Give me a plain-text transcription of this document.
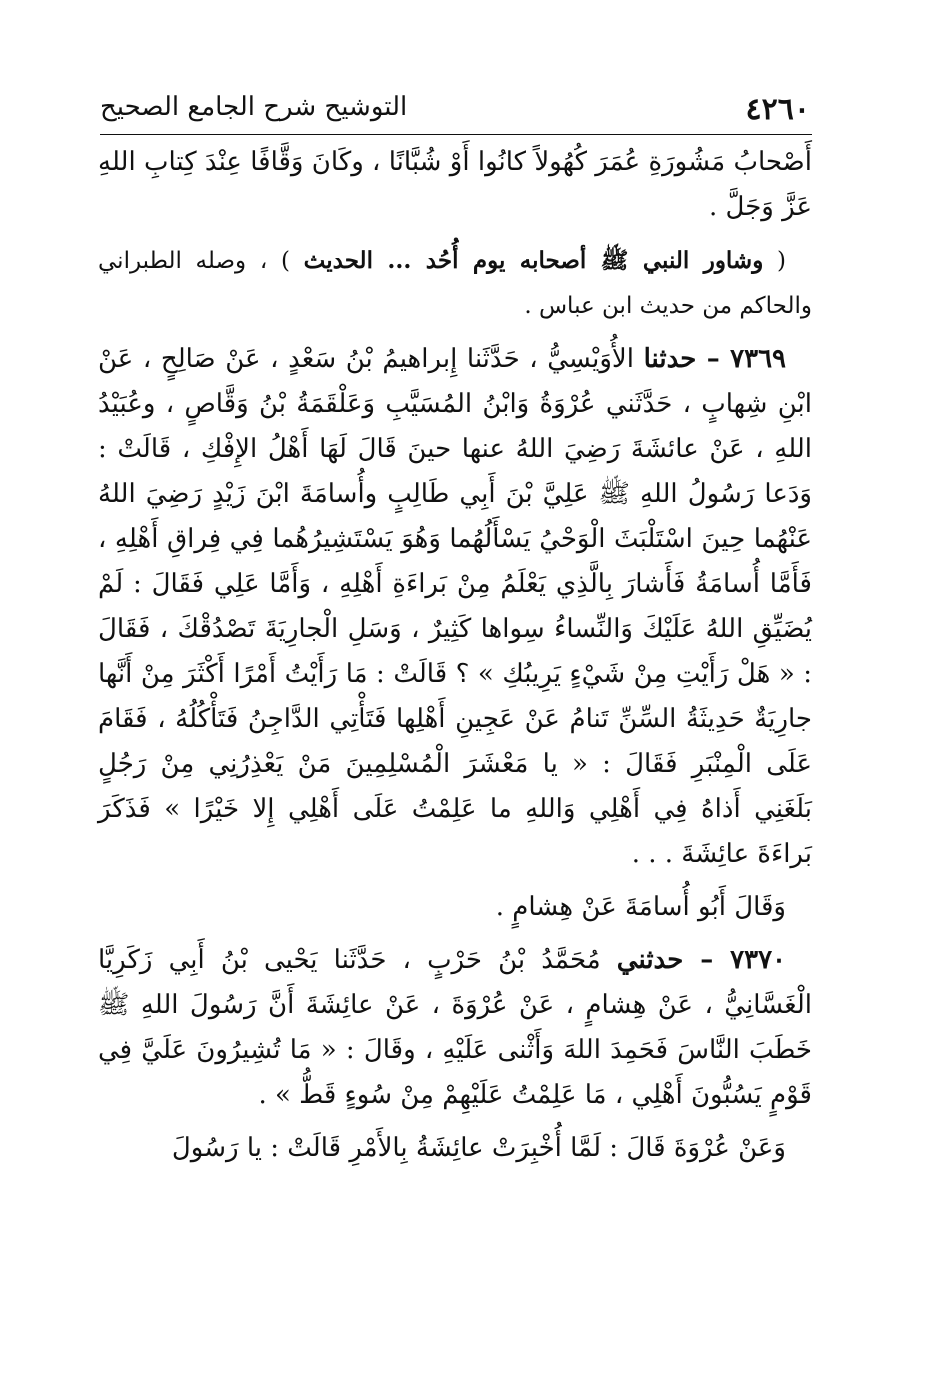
٤٢٦٠
التوشيح شرح الجامع الصحيح

أَصْحابُ مَشُورَةِ عُمَرَ كُهُولاً كانُوا أَوْ شُبَّانًا ، وكَانَ وَقَّافًا عِنْدَ كِتابِ اللهِ عَزَّ وَجَلَّ .

( وشاور النبي ﷺ أصحابه يوم أُحُد ... الحديث ) ، وصله الطبراني والحاكم من حديث ابن عباس .

٧٣٦٩ – حدثنا الأُوَيْسِيُّ ، حَدَّثَنا إِبراهيمُ بْنُ سَعْدٍ ، عَنْ صَالِحٍ ، عَنْ ابْنِ شِهابٍ ، حَدَّثَني عُرْوَةُ وَابْنُ المُسَيَّبِ وَعَلْقَمَةُ بْنُ وَقَّاصٍ ، وعُبَيْدُ اللهِ ، عَنْ عائشَةَ رَضِيَ اللهُ عنها حينَ قَالَ لَهَا أَهْلُ الإِفْكِ ، قَالَتْ : وَدَعا رَسُولُ اللهِ ﷺ عَلِيَّ بْنَ أَبِي طَالِبٍ وأُسامَةَ ابْنَ زَيْدٍ رَضِيَ اللهُ عَنْهُما حِينَ اسْتَلْبَثَ الْوَحْيُ يَسْأَلُهُما وَهُوَ يَسْتَشِيرُهُما فِي فِراقِ أَهْلِهِ ، فَأَمَّا أُسامَةُ فَأَشارَ بِالَّذِي يَعْلَمُ مِنْ بَراءَةِ أَهْلِهِ ، وَأَمَّا عَلِي فَقَالَ : لَمْ يُضَيِّقِ اللهُ عَلَيْكَ وَالنِّساءُ سِواها كَثِيرٌ ، وَسَلِ الْجارِيَةَ تَصْدُقْكَ ، فَقَالَ : « هَلْ رَأَيْتِ مِنْ شَيْءٍ يَرِيبُكِ » ؟ قَالَتْ : مَا رَأَيْتُ أَمْرًا أَكْثَرَ مِنْ أَنَّها جارِيَةٌ حَدِيثَةُ السِّنِّ تَنامُ عَنْ عَجِينِ أَهْلِها فَتَأْتِي الدَّاجِنُ فَتَأْكُلُهُ ، فَقَامَ عَلَى الْمِنْبَرِ فَقَالَ : « يا مَعْشَرَ الْمُسْلِمِينَ مَنْ يَعْذِرُنِي مِنْ رَجُلٍ بَلَغَنِي أَذاهُ فِي أَهْلِي وَاللهِ ما عَلِمْتُ عَلَى أَهْلِي إِلا خَيْرًا » فَذَكَرَ بَراءَةَ عائِشَةَ . . .

وَقَالَ أَبُو أُسامَةَ عَنْ هِشامٍ .

٧٣٧٠ – حدثني مُحَمَّدُ بْنُ حَرْبٍ ، حَدَّثَنا يَحْيى بْنُ أَبِي زَكَرِيَّا الْغَسَّانِيُّ ، عَنْ هِشامٍ ، عَنْ عُرْوَةَ ، عَنْ عائِشَةَ أَنَّ رَسُولَ اللهِ ﷺ خَطَبَ النَّاسَ فَحَمِدَ اللهَ وَأَثْنى عَلَيْهِ ، وقَالَ : « مَا تُشِيرُونَ عَلَيَّ فِي قَوْمٍ يَسُبُّونَ أَهْلِي ، مَا عَلِمْتُ عَلَيْهِمْ مِنْ سُوءٍ قَطُّ » .

وَعَنْ عُرْوَةَ قَالَ : لَمَّا أُخْبِرَتْ عائِشَةُ بِالأَمْرِ قَالَتْ : يا رَسُولَ
